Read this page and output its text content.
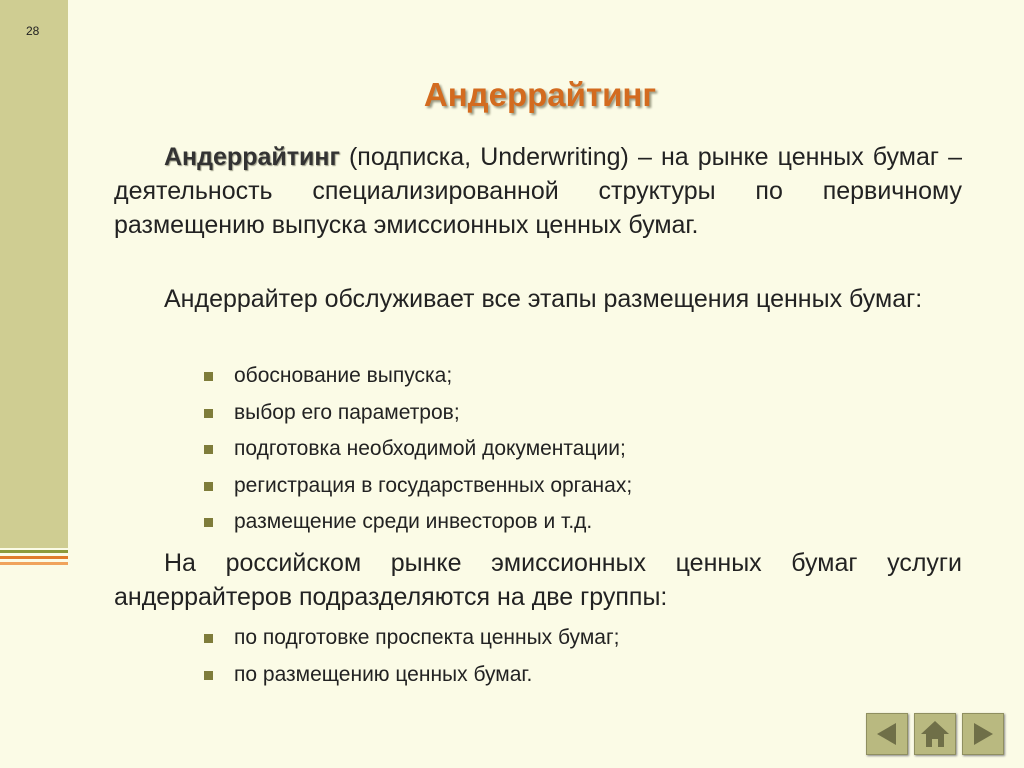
28
Андеррайтинг
Андеррайтинг (подписка, Underwriting) – на рынке ценных бумаг – деятельность специализированной структуры по первичному размещению выпуска эмиссионных ценных бумаг.
Андеррайтер обслуживает все этапы размещения ценных бумаг:
обоснование выпуска;
выбор его параметров;
подготовка необходимой документации;
регистрация в государственных органах;
размещение среди инвесторов и т.д.
На российском рынке эмиссионных ценных бумаг услуги андеррайтеров подразделяются на две группы:
по подготовке проспекта ценных бумаг;
по размещению ценных бумаг.
